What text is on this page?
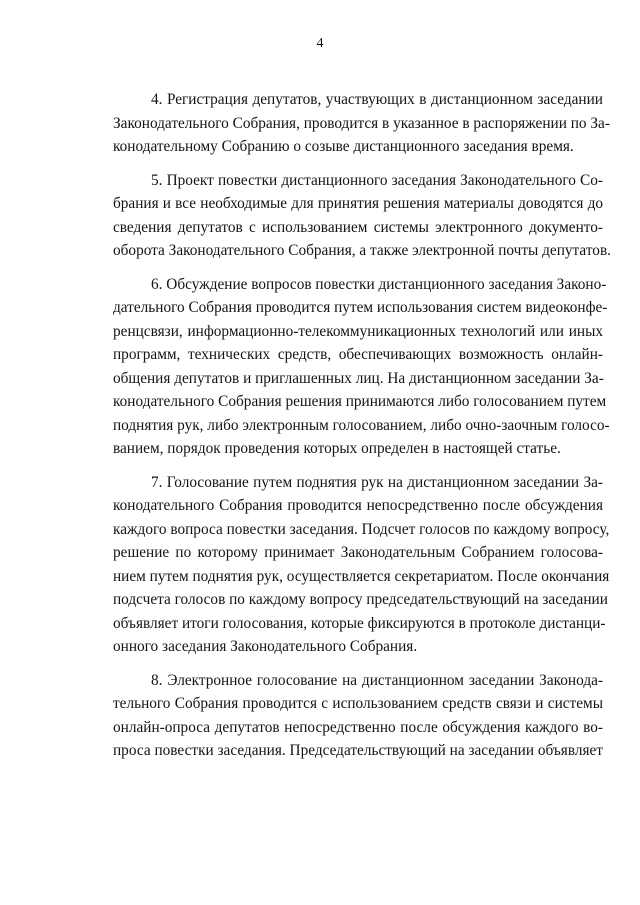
4

4. Регистрация депутатов, участвующих в дистанционном заседании
Законодательного Собрания, проводится в указанное в распоряжении по За-
конодательному Собранию о созыве дистанционного заседания время.

5. Проект повестки дистанционного заседания Законодательного Со-
брания и все необходимые для принятия решения материалы доводятся до
сведения депутатов с использованием системы электронного документо-
оборота Законодательного Собрания, а также электронной почты депутатов.

6. Обсуждение вопросов повестки дистанционного заседания Законо-
дательного Собрания проводится путем использования систем видеоконфе-
ренцсвязи, информационно-телекоммуникационных технологий или иных
программ, технических средств, обеспечивающих возможность онлайн-
общения депутатов и приглашенных лиц. На дистанционном заседании За-
конодательного Собрания решения принимаются либо голосованием путем
поднятия рук, либо электронным голосованием, либо очно-заочным голосо-
ванием, порядок проведения которых определен в настоящей статье.

7. Голосование путем поднятия рук на дистанционном заседании За-
конодательного Собрания проводится непосредственно после обсуждения
каждого вопроса повестки заседания. Подсчет голосов по каждому вопросу,
решение по которому принимает Законодательным Собранием голосова-
нием путем поднятия рук, осуществляется секретариатом. После окончания
подсчета голосов по каждому вопросу председательствующий на заседании
объявляет итоги голосования, которые фиксируются в протоколе дистанци-
онного заседания Законодательного Собрания.

8. Электронное голосование на дистанционном заседании Законода-
тельного Собрания проводится с использованием средств связи и системы
онлайн-опроса депутатов непосредственно после обсуждения каждого во-
проса повестки заседания. Председательствующий на заседании объявляет
